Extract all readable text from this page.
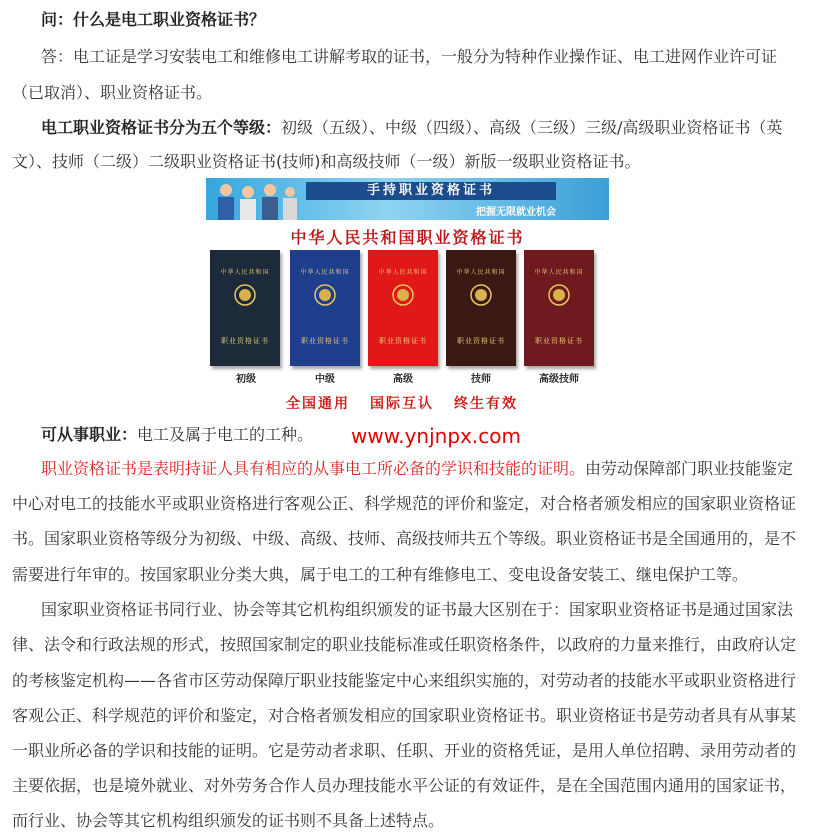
问：什么是电工职业资格证书？

答：电工证是学习安装电工和维修电工讲解考取的证书，一般分为特种作业操作证、电工进网作业许可证

（已取消）、职业资格证书。

电工职业资格证书分为五个等级：初级（五级）、中级（四级）、高级（三级）三级/高级职业资格证书（英

文）、技师（二级）二级职业资格证书(技师)和高级技师（一级）新版一级职业资格证书。

手持职业资格证书
把握无限就业机会
中华人民共和国职业资格证书
中华人民共和国
职业资格证书
初级
中华人民共和国
职业资格证书
中级
中华人民共和国
职业资格证书
高级
中华人民共和国
职业资格证书
技师
中华人民共和国
职业资格证书
高级技师
全国通用 国际互认 终生有效

可从事职业：电工及属于电工的工种。 www.ynjnpx.com

职业资格证书是表明持证人具有相应的从事电工所必备的学识和技能的证明。由劳动保障部门职业技能鉴定

中心对电工的技能水平或职业资格进行客观公正、科学规范的评价和鉴定，对合格者颁发相应的国家职业资格证

书。国家职业资格等级分为初级、中级、高级、技师、高级技师共五个等级。职业资格证书是全国通用的，是不

需要进行年审的。按国家职业分类大典，属于电工的工种有维修电工、变电设备安装工、继电保护工等。

国家职业资格证书同行业、协会等其它机构组织颁发的证书最大区别在于：国家职业资格证书是通过国家法

律、法令和行政法规的形式，按照国家制定的职业技能标准或任职资格条件，以政府的力量来推行，由政府认定

的考核鉴定机构——各省市区劳动保障厅职业技能鉴定中心来组织实施的，对劳动者的技能水平或职业资格进行

客观公正、科学规范的评价和鉴定，对合格者颁发相应的国家职业资格证书。职业资格证书是劳动者具有从事某

一职业所必备的学识和技能的证明。它是劳动者求职、任职、开业的资格凭证，是用人单位招聘、录用劳动者的

主要依据，也是境外就业、对外劳务合作人员办理技能水平公证的有效证件，是在全国范围内通用的国家证书，

而行业、协会等其它机构组织颁发的证书则不具备上述特点。
